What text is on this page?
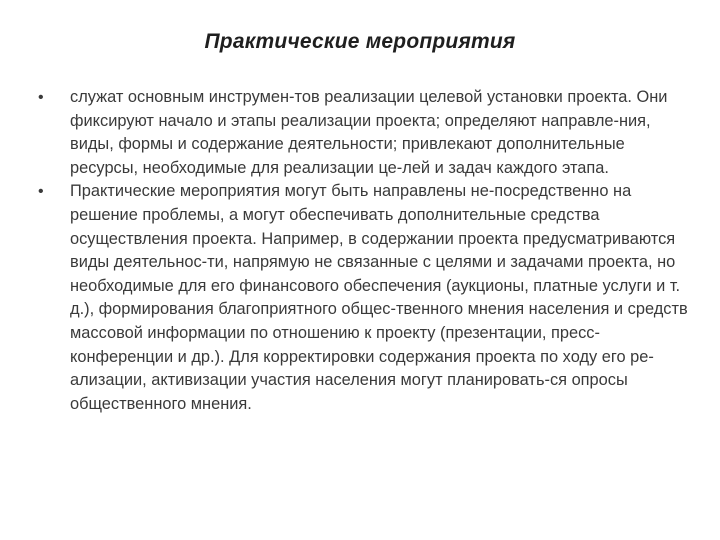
Практические мероприятия
• служат основным инструмен-тов реализации целевой установки проекта. Они фиксируют начало и этапы реализации проекта; определяют направле-ния, виды, формы и содержание деятельности; привлекают дополнительные ресурсы, необходимые для реализации це-лей и задач каждого этапа.
• Практические мероприятия могут быть направлены не-посредственно на решение проблемы, а могут обеспечивать дополнительные средства осуществления проекта. Например, в содержании проекта предусматриваются виды деятельнос-ти, напрямую не связанные с целями и задачами проекта, но необходимые для его финансового обеспечения (аукционы, платные услуги и т. д.), формирования благоприятного общес-твенного мнения населения и средств массовой информации по отношению к проекту (презентации, пресс-конференции и др.). Для корректировки содержания проекта по ходу его ре-ализации, активизации участия населения могут планировать-ся опросы общественного мнения.
